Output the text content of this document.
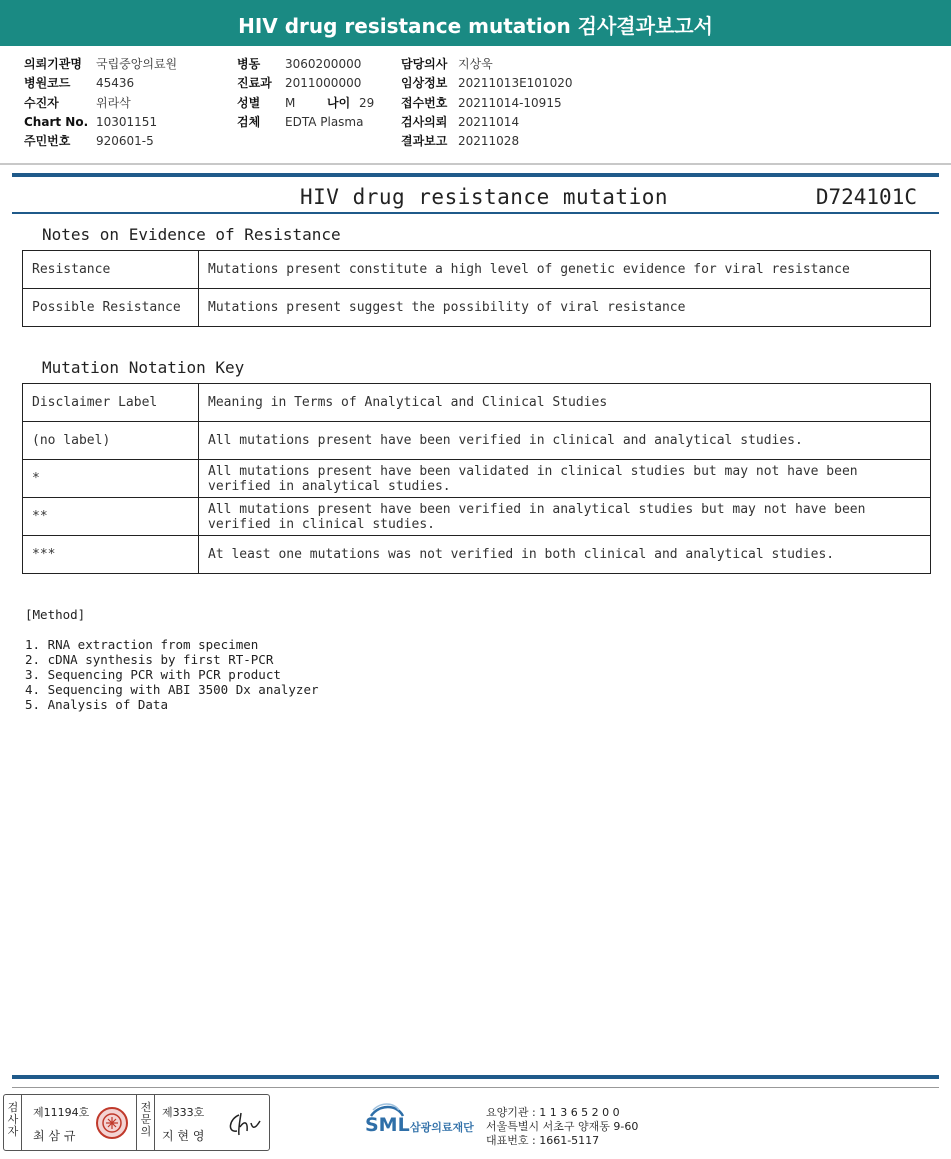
HIV drug resistance mutation 검사결과보고서
의뢰기관명 국립중앙의료원
병원코드 45436
수진자	위라삭
Chart No. 10301151
주민번호 920601-5
병동 3060200000
진료과 2011000000
성별 M	나이 29
검체 EDTA Plasma
담당의사 지상욱
임상정보 20211013E101020
접수번호 20211014-10915
검사의뢰 20211014
결과보고 20211028
HIV drug resistance mutation	D724101C
Notes on Evidence of Resistance
Resistance	Mutations present constitute a high level of genetic evidence for viral resistance
Possible Resistance	Mutations present suggest the possibility of viral resistance
Mutation Notation Key
Disclaimer Label	Meaning in Terms of Analytical and Clinical Studies
(no label)	All mutations present have been verified in clinical and analytical studies.
*	All mutations present have been validated in clinical studies but may not have been verified in analytical studies.
**	All mutations present have been verified in analytical studies but may not have been verified in clinical studies.
***	At least one mutations was not verified in both clinical and analytical studies.
[Method]
1. RNA extraction from specimen
2. cDNA synthesis by first RT-PCR
3. Sequencing PCR with PCR product
4. Sequencing with ABI 3500 Dx analyzer
5. Analysis of Data
검사자
제11194호
최 삼 규
전문의
제333호
지 현 영	SML 삼광의료재단
요양기관 : 1 1 3 6 5 2 0 0
서울특별시 서초구 양재동 9-60
대표번호 : 1661-5117
